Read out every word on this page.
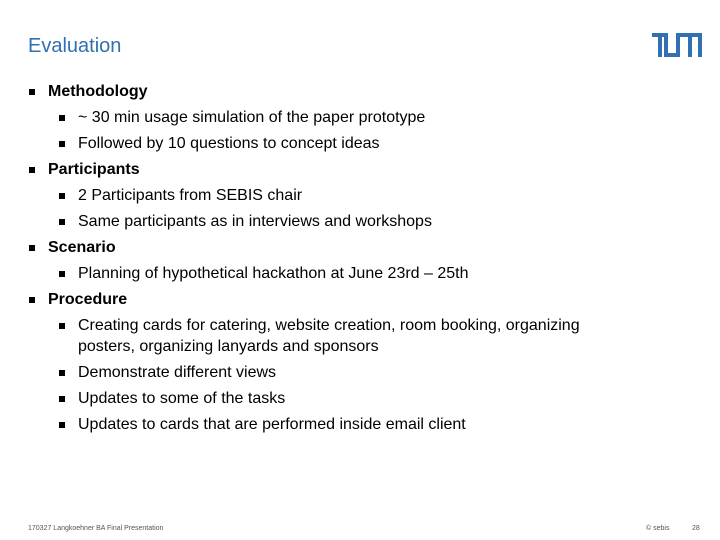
Evaluation
Methodology
~ 30 min usage simulation of the paper prototype
Followed by 10 questions to concept ideas
Participants
2 Participants from SEBIS chair
Same participants as in interviews and workshops
Scenario
Planning of hypothetical hackathon at June 23rd – 25th
Procedure
Creating cards for catering, website creation, room booking, organizing
posters, organizing lanyards and sponsors
Demonstrate different views
Updates to some of the tasks
Updates to cards that are performed inside email client
170327 Langkoehner BA Final Presentation	© sebis	28
